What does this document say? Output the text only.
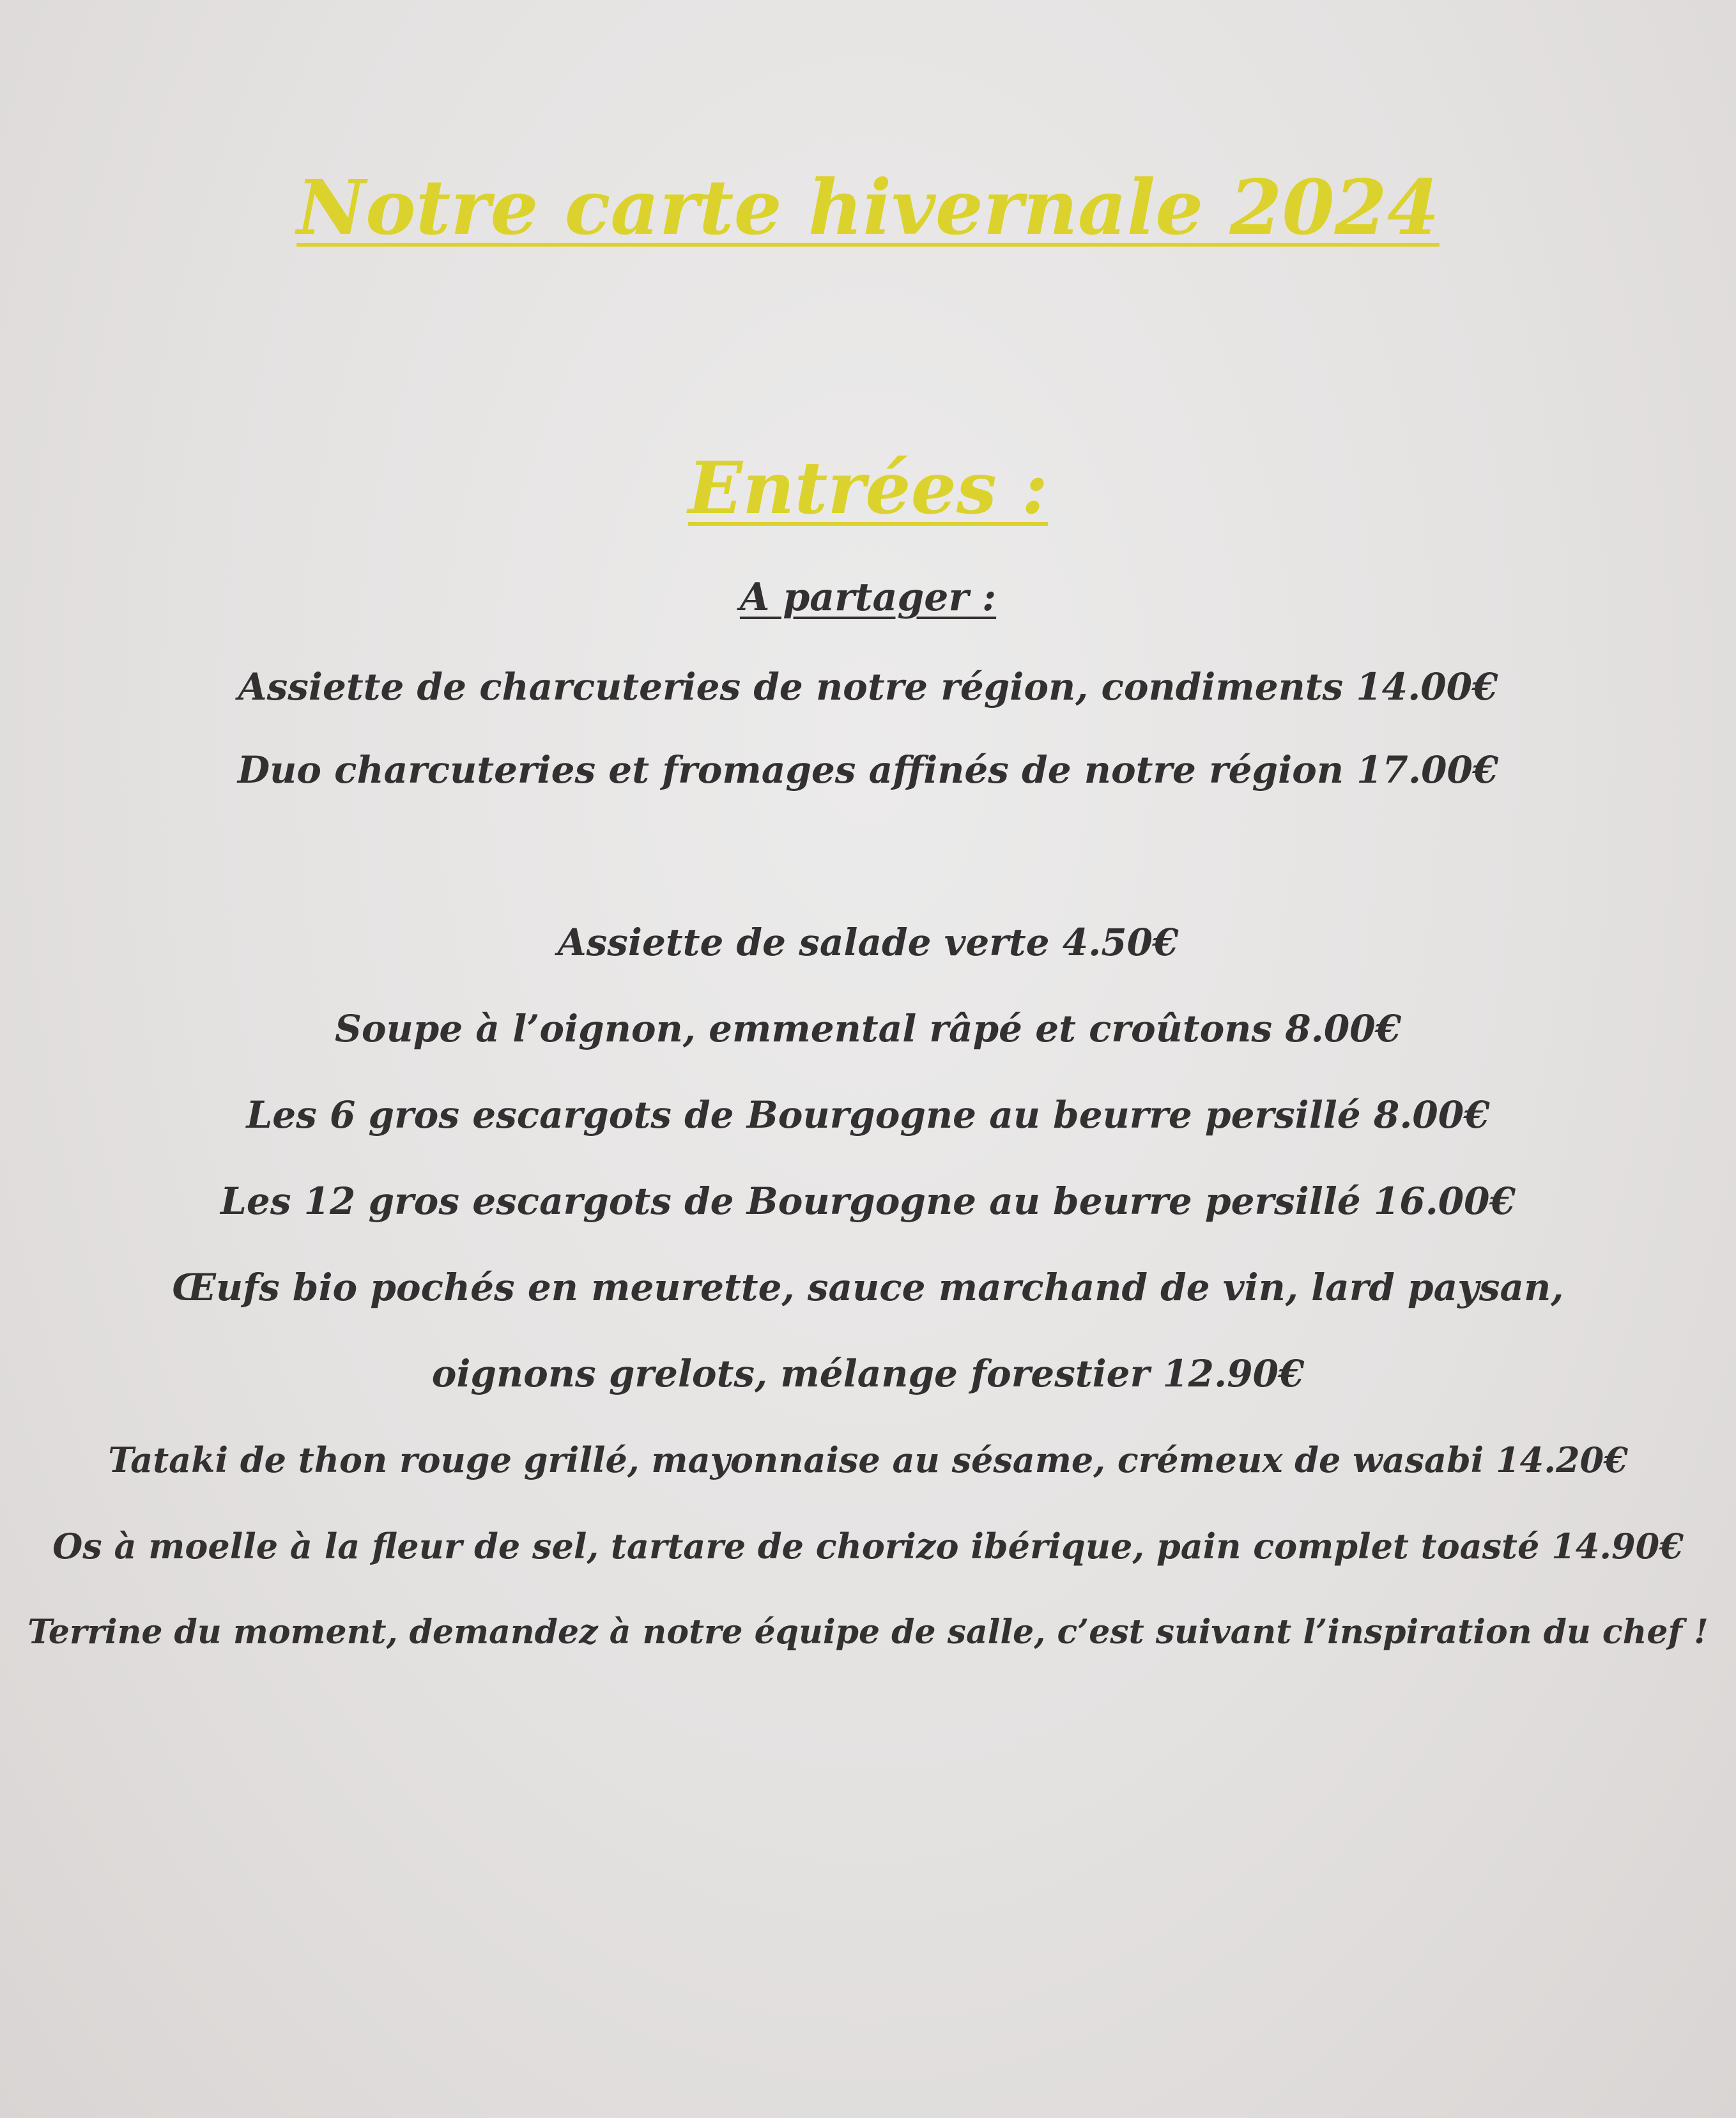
Notre carte hivernale 2024
Entrées :
A partager :
Assiette de charcuteries de notre région, condiments 14.00€
Duo charcuteries et fromages affinés de notre région 17.00€
Assiette de salade verte 4.50€
Soupe à l’oignon, emmental râpé et croûtons 8.00€
Les 6 gros escargots de Bourgogne au beurre persillé 8.00€
Les 12 gros escargots de Bourgogne au beurre persillé 16.00€
Œufs bio pochés en meurette, sauce marchand de vin, lard paysan,
oignons grelots, mélange forestier 12.90€
Tataki de thon rouge grillé, mayonnaise au sésame, crémeux de wasabi 14.20€
Os à moelle à la fleur de sel, tartare de chorizo ibérique, pain complet toasté 14.90€
Terrine du moment, demandez à notre équipe de salle, c’est suivant l’inspiration du chef !
